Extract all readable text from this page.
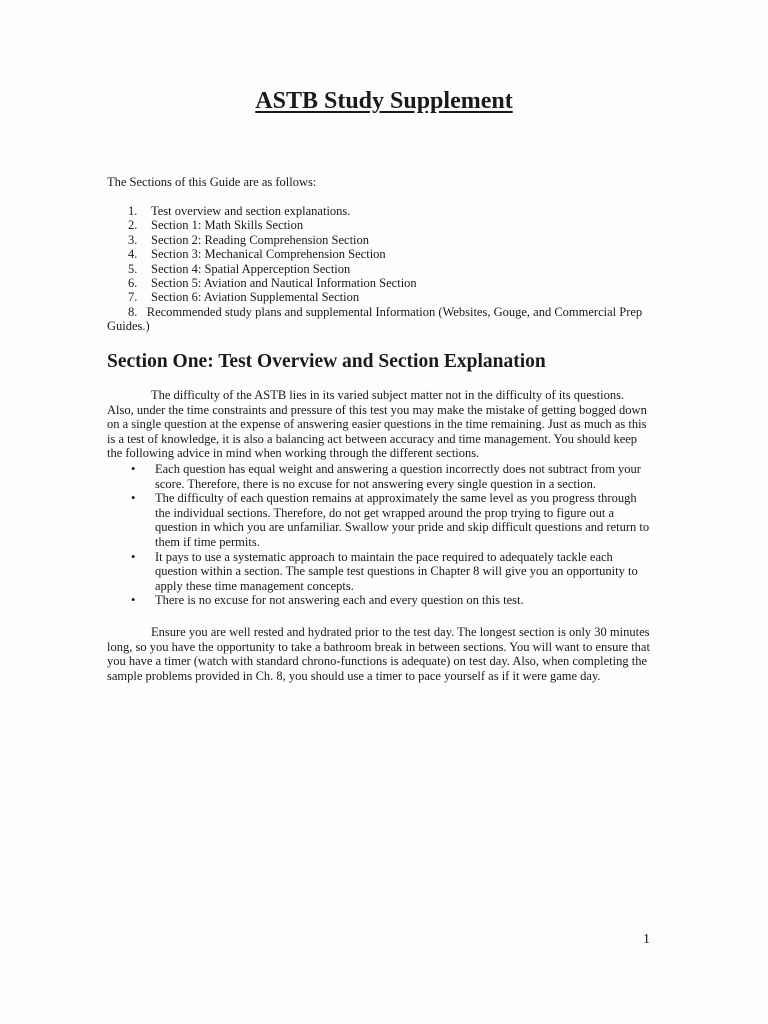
ASTB Study Supplement

The Sections of this Guide are as follows:

1.	Test overview and section explanations.
2.	Section 1: Math Skills Section
3.	Section 2: Reading Comprehension Section
4.	Section 3: Mechanical Comprehension Section
5.	Section 4: Spatial Apperception Section
6.	Section 5: Aviation and Nautical Information Section
7.	Section 6: Aviation Supplemental Section
8. Recommended study plans and supplemental Information (Websites, Gouge, and Commercial Prep Guides.)
Section One: Test Overview and Section Explanation

The difficulty of the ASTB lies in its varied subject matter not in the difficulty of its questions. Also, under the time constraints and pressure of this test you may make the mistake of getting bogged down on a single question at the expense of answering easier questions in the time remaining. Just as much as this is a test of knowledge, it is also a balancing act between accuracy and time management. You should keep the following advice in mind when working through the different sections.

• Each question has equal weight and answering a question incorrectly does not subtract from your score. Therefore, there is no excuse for not answering every single question in a section.
• The difficulty of each question remains at approximately the same level as you progress through the individual sections. Therefore, do not get wrapped around the prop trying to figure out a question in which you are unfamiliar. Swallow your pride and skip difficult questions and return to them if time permits.
• It pays to use a systematic approach to maintain the pace required to adequately tackle each question within a section. The sample test questions in Chapter 8 will give you an opportunity to apply these time management concepts.
• There is no excuse for not answering each and every question on this test.

Ensure you are well rested and hydrated prior to the test day. The longest section is only 30 minutes long, so you have the opportunity to take a bathroom break in between sections. You will want to ensure that you have a timer (watch with standard chrono-functions is adequate) on test day. Also, when completing the sample problems provided in Ch. 8, you should use a timer to pace yourself as if it were game day.

1
